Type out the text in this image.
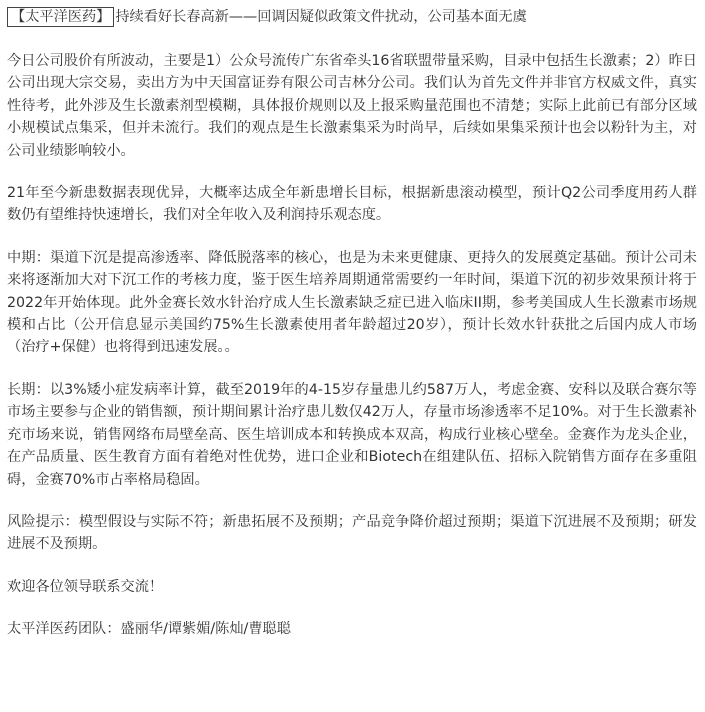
【太平洋医药】 持续看好长春高新——回调因疑似政策文件扰动，公司基本面无虞

今日公司股价有所波动，主要是1）公众号流传广东省牵头16省联盟带量采购，目录中包括生长激素；2）昨日公司出现大宗交易，卖出方为中天国富证券有限公司吉林分公司。我们认为首先文件并非官方权威文件，真实性待考，此外涉及生长激素剂型模糊，具体报价规则以及上报采购量范围也不清楚；实际上此前已有部分区域小规模试点集采，但并未流行。我们的观点是生长激素集采为时尚早，后续如果集采预计也会以粉针为主，对公司业绩影响较小。

21年至今新患数据表现优异，大概率达成全年新患增长目标，根据新患滚动模型，预计Q2公司季度用药人群数仍有望维持快速增长，我们对全年收入及利润持乐观态度。

中期：渠道下沉是提高渗透率、降低脱落率的核心，也是为未来更健康、更持久的发展奠定基础。预计公司未来将逐渐加大对下沉工作的考核力度，鉴于医生培养周期通常需要约一年时间，渠道下沉的初步效果预计将于2022年开始体现。此外金赛长效水针治疗成人生长激素缺乏症已进入临床II期，参考美国成人生长激素市场规模和占比（公开信息显示美国约75%生长激素使用者年龄超过20岁），预计长效水针获批之后国内成人市场（治疗+保健）也将得到迅速发展。。

长期：以3%矮小症发病率计算，截至2019年的4-15岁存量患儿约587万人，考虑金赛、安科以及联合赛尔等市场主要参与企业的销售额，预计期间累计治疗患儿数仅42万人，存量市场渗透率不足10%。对于生长激素补充市场来说，销售网络布局壁垒高、医生培训成本和转换成本双高，构成行业核心壁垒。金赛作为龙头企业，在产品质量、医生教育方面有着绝对性优势，进口企业和Biotech在组建队伍、招标入院销售方面存在多重阻碍，金赛70%市占率格局稳固。

风险提示：模型假设与实际不符；新患拓展不及预期；产品竞争降价超过预期；渠道下沉进展不及预期；研发进展不及预期。

欢迎各位领导联系交流！

太平洋医药团队：盛丽华/谭紫媚/陈灿/曹聪聪
